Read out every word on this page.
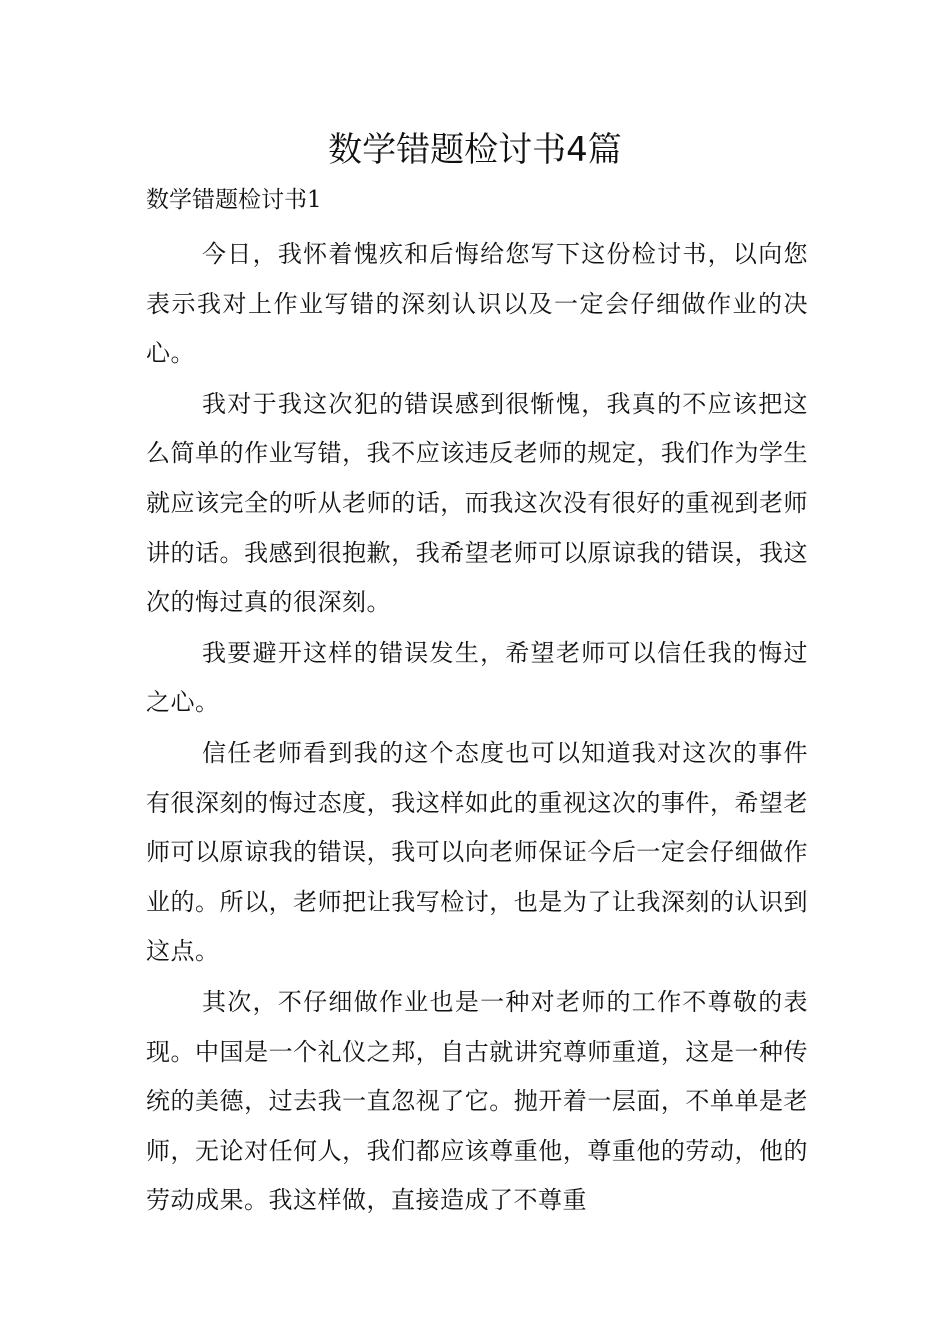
数学错题检讨书4篇
数学错题检讨书1

今日，我怀着愧疚和后悔给您写下这份检讨书，以向您表示我对上作业写错的深刻认识以及一定会仔细做作业的决心。

我对于我这次犯的错误感到很惭愧，我真的不应该把这么简单的作业写错，我不应该违反老师的规定，我们作为学生就应该完全的听从老师的话，而我这次没有很好的重视到老师讲的话。我感到很抱歉，我希望老师可以原谅我的错误，我这次的悔过真的很深刻。

我要避开这样的错误发生，希望老师可以信任我的悔过之心。

信任老师看到我的这个态度也可以知道我对这次的事件有很深刻的悔过态度，我这样如此的重视这次的事件，希望老师可以原谅我的错误，我可以向老师保证今后一定会仔细做作业的。所以，老师把让我写检讨，也是为了让我深刻的认识到这点。

其次，不仔细做作业也是一种对老师的工作不尊敬的表现。中国是一个礼仪之邦，自古就讲究尊师重道，这是一种传统的美德，过去我一直忽视了它。抛开着一层面，不单单是老师，无论对任何人，我们都应该尊重他，尊重他的劳动，他的劳动成果。我这样做，直接造成了不尊重
